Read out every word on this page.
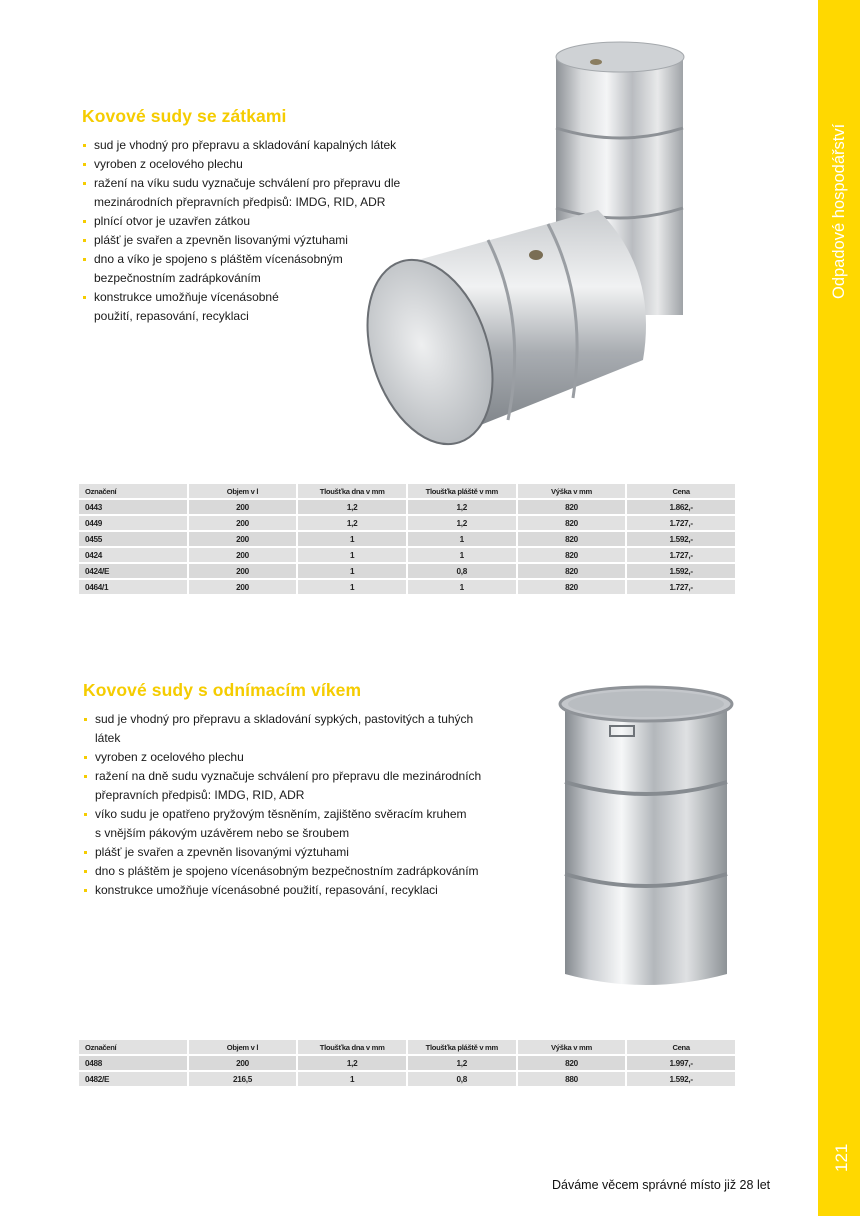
Odpadové hospodářství
121
Kovové sudy se zátkami
sud je vhodný pro přepravu a skladování kapalných látek
vyroben z ocelového plechu
ražení na víku sudu vyznačuje schválení pro přepravu dle
mezinárodních přepravních předpisů: IMDG, RID, ADR
plnící otvor je uzavřen zátkou
plášť je svařen a zpevněn lisovanými výztuhami
dno a víko je spojeno s pláštěm vícenásobným
bezpečnostním zadrápkováním
konstrukce umožňuje vícenásobné
použití, repasování, recyklaci
Označení	Objem v l	Tloušťka dna v mm	Tloušťka pláště v mm	Výška v mm	Cena
0443	200	1,2	1,2	820	1.862,-
0449	200	1,2	1,2	820	1.727,-
0455	200	1	1	820	1.592,-
0424	200	1	1	820	1.727,-
0424/E	200	1	0,8	820	1.592,-
0464/1	200	1	1	820	1.727,-
Kovové sudy s odnímacím víkem
sud je vhodný pro přepravu a skladování sypkých, pastovitých a tuhých
látek
vyroben z ocelového plechu
ražení na dně sudu vyznačuje schválení pro přepravu dle mezinárodních
přepravních předpisů: IMDG, RID, ADR
víko sudu je opatřeno pryžovým těsněním, zajištěno svěracím kruhem
s vnějším pákovým uzávěrem nebo se šroubem
plášť je svařen a zpevněn lisovanými výztuhami
dno s pláštěm je spojeno vícenásobným bezpečnostním zadrápkováním
konstrukce umožňuje vícenásobné použití, repasování, recyklaci
Označení	Objem v l	Tloušťka dna v mm	Tloušťka pláště v mm	Výška v mm	Cena
0488	200	1,2	1,2	820	1.997,-
0482/E	216,5	1	0,8	880	1.592,-
Dáváme věcem správné místo již 28 let
